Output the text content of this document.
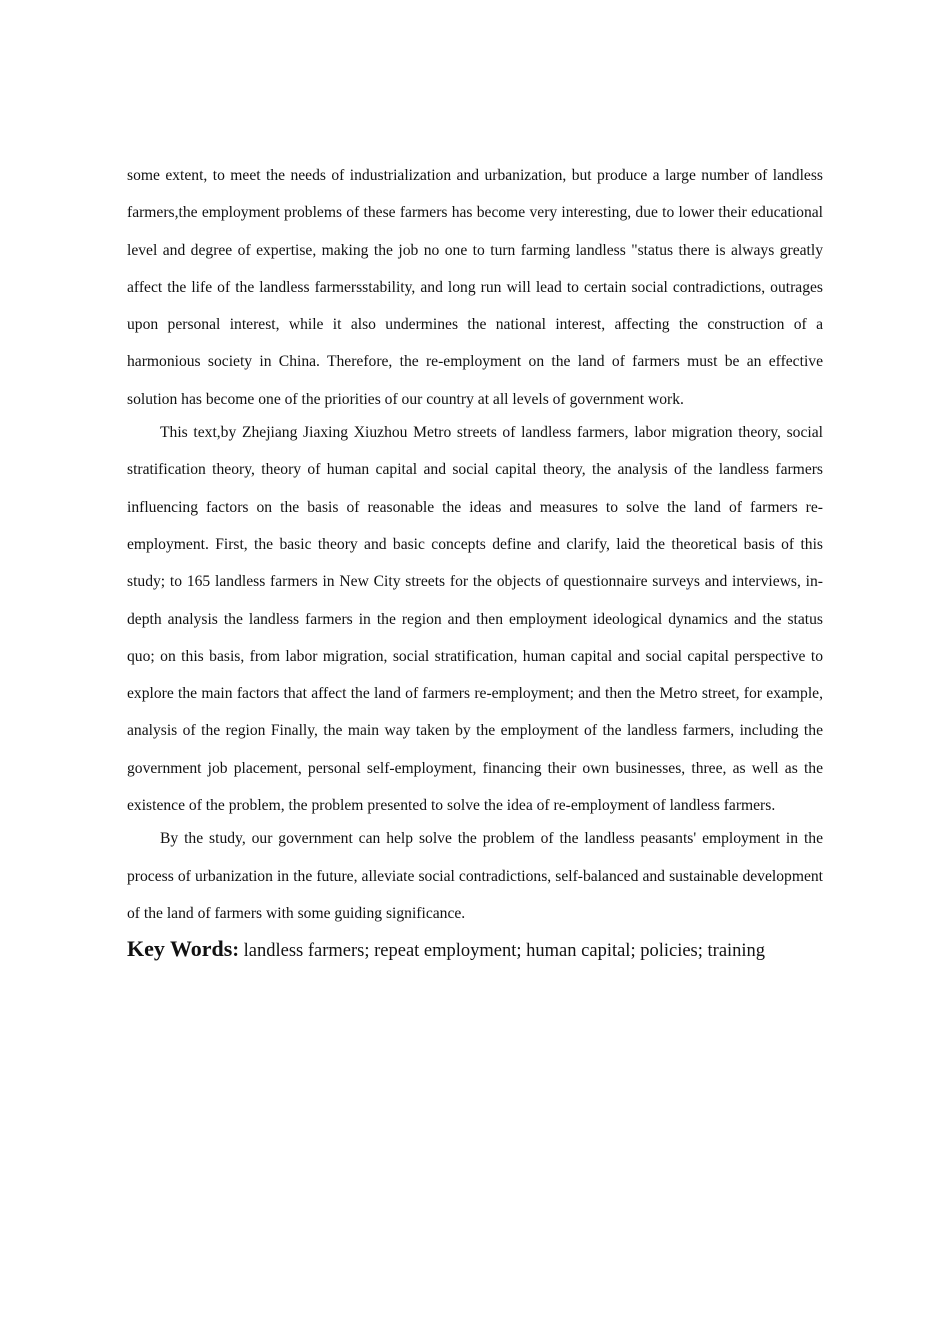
some extent, to meet the needs of industrialization and urbanization, but produce a large number of landless farmers,the employment problems of these farmers has become very interesting, due to lower their educational level and degree of expertise, making the job no one to turn farming landless "status there is always greatly affect the life of the landless farmersstability, and long run will lead to certain social contradictions, outrages upon personal interest, while it also undermines the national interest, affecting the construction of a harmonious society in China. Therefore, the re-employment on the land of farmers must be an effective solution has become one of the priorities of our country at all levels of government work.

This text,by Zhejiang Jiaxing Xiuzhou Metro streets of landless farmers, labor migration theory, social stratification theory, theory of human capital and social capital theory, the analysis of the landless farmers influencing factors on the basis of reasonable the ideas and measures to solve the land of farmers re-employment. First, the basic theory and basic concepts define and clarify, laid the theoretical basis of this study; to 165 landless farmers in New City streets for the objects of questionnaire surveys and interviews, in-depth analysis the landless farmers in the region and then employment ideological dynamics and the status quo; on this basis, from labor migration, social stratification, human capital and social capital perspective to explore the main factors that affect the land of farmers re-employment; and then the Metro street, for example, analysis of the region Finally, the main way taken by the employment of the landless farmers, including the government job placement, personal self-employment, financing their own businesses, three, as well as the existence of the problem, the problem presented to solve the idea of re-employment of landless farmers.

By the study, our government can help solve the problem of the landless peasants' employment in the process of urbanization in the future, alleviate social contradictions, self-balanced and sustainable development of the land of farmers with some guiding significance.

Key Words: landless farmers; repeat employment; human capital; policies; training
